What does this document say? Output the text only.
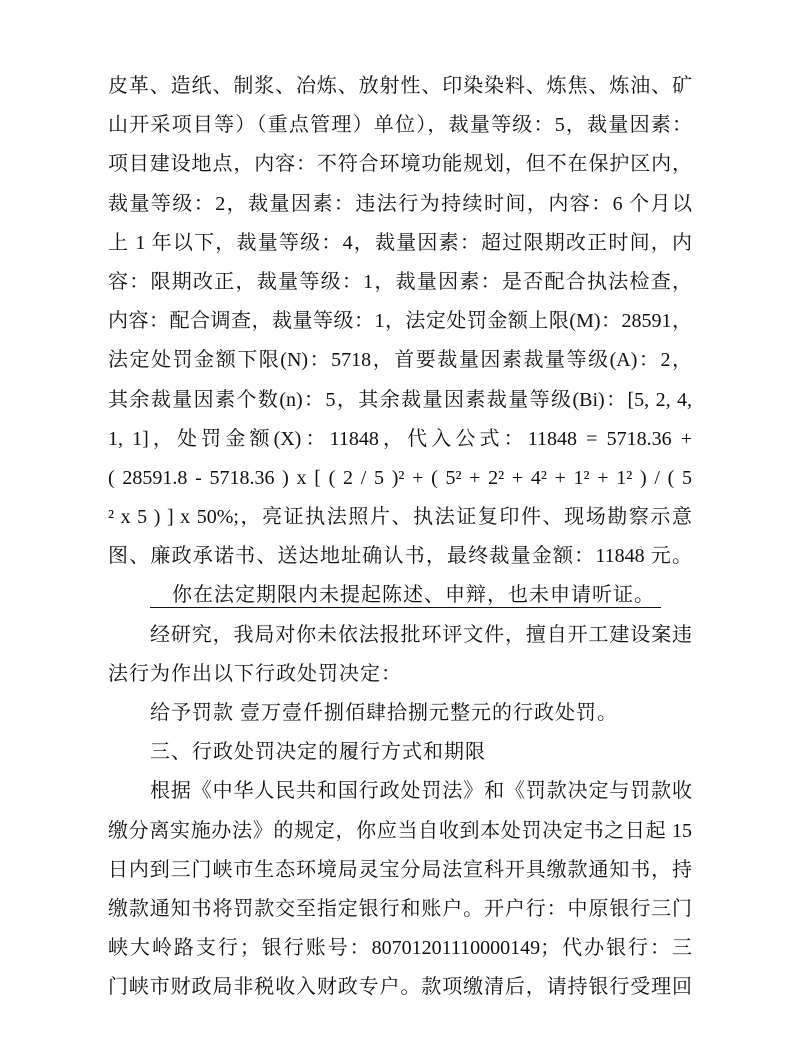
皮革、造纸、制浆、冶炼、放射性、印染染料、炼焦、炼油、矿
山开采项目等）（重点管理）单位），裁量等级：5，裁量因素：
项目建设地点，内容：不符合环境功能规划，但不在保护区内，
裁量等级：2，裁量因素：违法行为持续时间，内容：6 个月以
上 1 年以下，裁量等级：4，裁量因素：超过限期改正时间，内
容：限期改正，裁量等级：1，裁量因素：是否配合执法检查，
内容：配合调查，裁量等级：1，法定处罚金额上限(M)：28591，
法定处罚金额下限(N)：5718，首要裁量因素裁量等级(A)：2，
其余裁量因素个数(n)：5，其余裁量因素裁量等级(Bi)：[5, 2, 4,
1, 1]，处罚金额(X)：11848，代入公式：11848 = 5718.36 +
( 28591.8 - 5718.36 ) x [ ( 2 / 5 )² + ( 5² + 2² + 4² + 1² + 1² ) / ( 5
² x 5 ) ] x 50%;，亮证执法照片、执法证复印件、现场勘察示意
图、廉政承诺书、送达地址确认书，最终裁量金额：11848 元。
你在法定期限内未提起陈述、申辩，也未申请听证。
经研究，我局对你未依法报批环评文件，擅自开工建设案违
法行为作出以下行政处罚决定：
给予罚款 壹万壹仟捌佰肆拾捌元整元的行政处罚。
三、行政处罚决定的履行方式和期限
根据《中华人民共和国行政处罚法》和《罚款决定与罚款收
缴分离实施办法》的规定，你应当自收到本处罚决定书之日起 15
日内到三门峡市生态环境局灵宝分局法宣科开具缴款通知书，持
缴款通知书将罚款交至指定银行和账户。开户行：中原银行三门
峡大岭路支行；银行账号：80701201110000149；代办银行：三
门峡市财政局非税收入财政专户。款项缴清后，请持银行受理回
